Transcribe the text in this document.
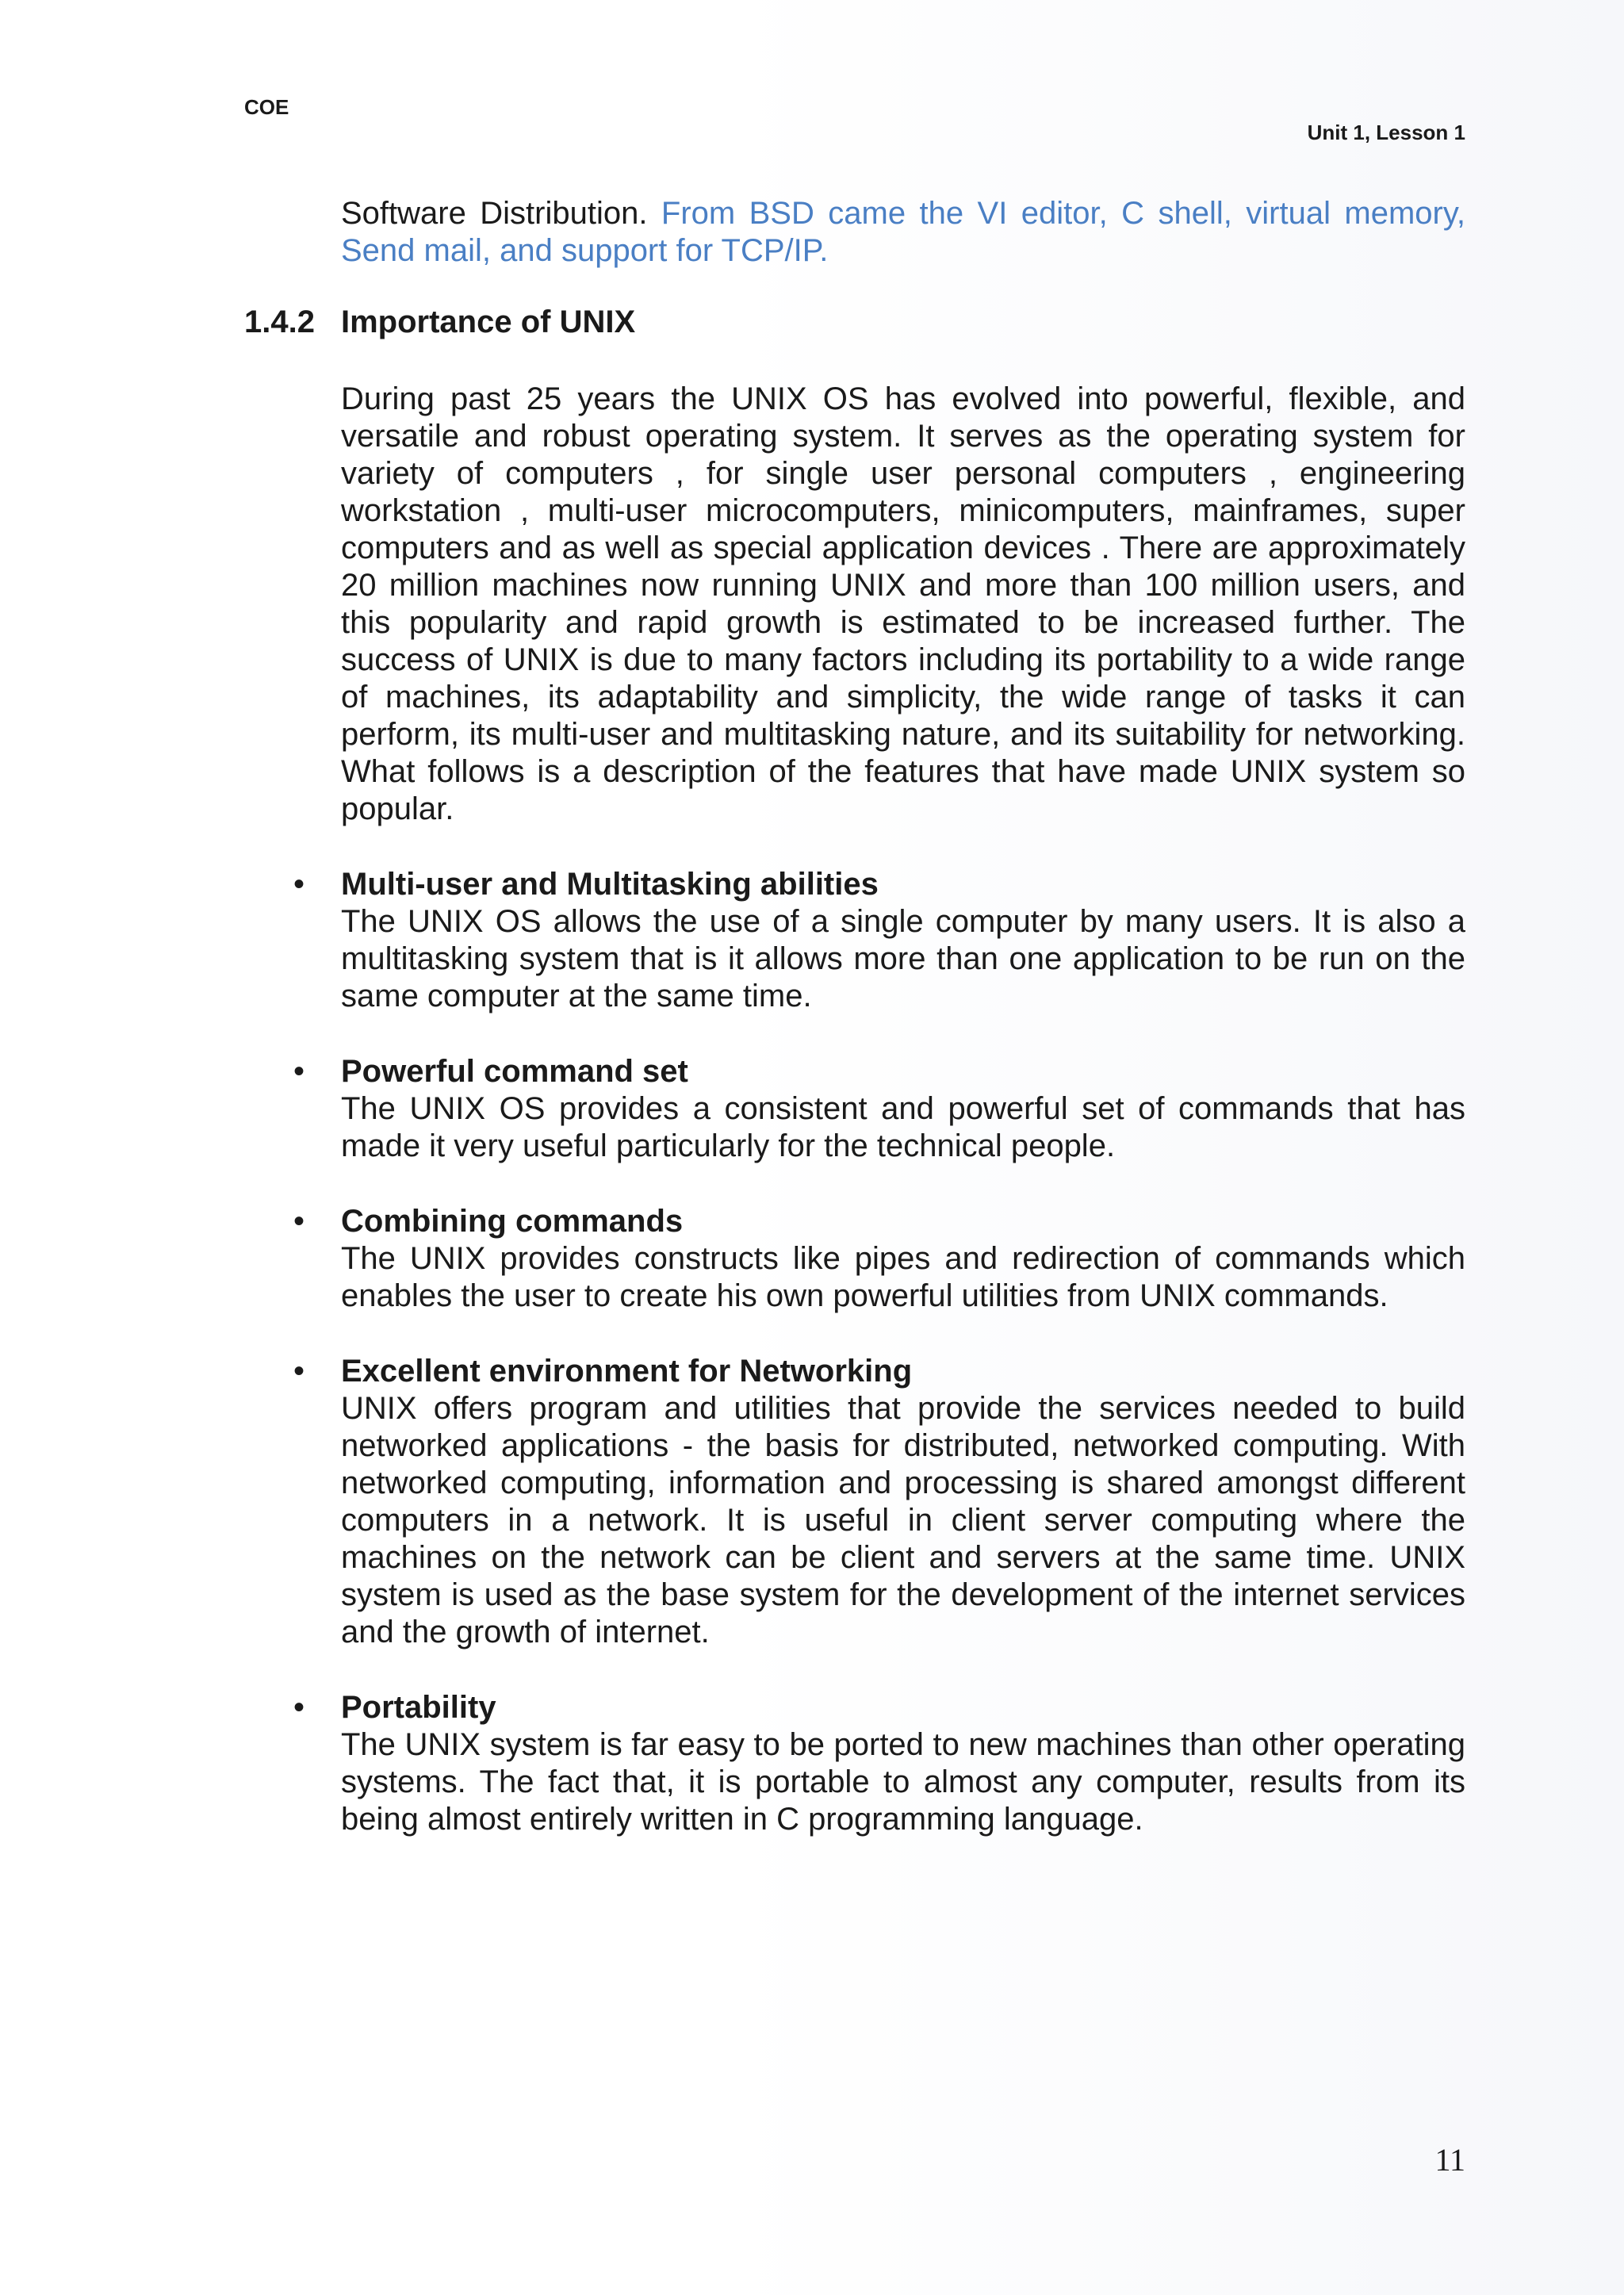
COE
Unit 1, Lesson 1

Software Distribution. From BSD came the VI editor, C shell, virtual memory, Send mail, and support for TCP/IP.

1.4.2 Importance of UNIX

During past 25 years the UNIX OS has evolved into powerful, flexible, and versatile and robust operating system. It serves as the operating system for variety of computers , for single user personal computers , engineering workstation , multi-user microcomputers, minicomputers, mainframes, super computers and as well as special application devices . There are approximately 20 million machines now running UNIX and more than 100 million users, and this popularity and rapid growth is estimated to be increased further. The success of UNIX is due to many factors including its portability to a wide range of machines, its adaptability and simplicity, the wide range of tasks it can perform, its multi-user and multitasking nature, and its suitability for networking. What follows is a description of the features that have made UNIX system so popular.

• Multi-user and Multitasking abilities

The UNIX OS allows the use of a single computer by many users. It is also a multitasking system that is it allows more than one application to be run on the same computer at the same time.

• Powerful command set

The UNIX OS provides a consistent and powerful set of commands that has made it very useful particularly for the technical people.

• Combining commands

The UNIX provides constructs like pipes and redirection of commands which enables the user to create his own powerful utilities from UNIX commands.

• Excellent environment for Networking

UNIX offers program and utilities that provide the services needed to build networked applications - the basis for distributed, networked computing. With networked computing, information and processing is shared amongst different computers in a network. It is useful in client server computing where the machines on the network can be client and servers at the same time. UNIX system is used as the base system for the development of the internet services and the growth of internet.

• Portability

The UNIX system is far easy to be ported to new machines than other operating systems. The fact that, it is portable to almost any computer, results from its being almost entirely written in C programming language.

11
